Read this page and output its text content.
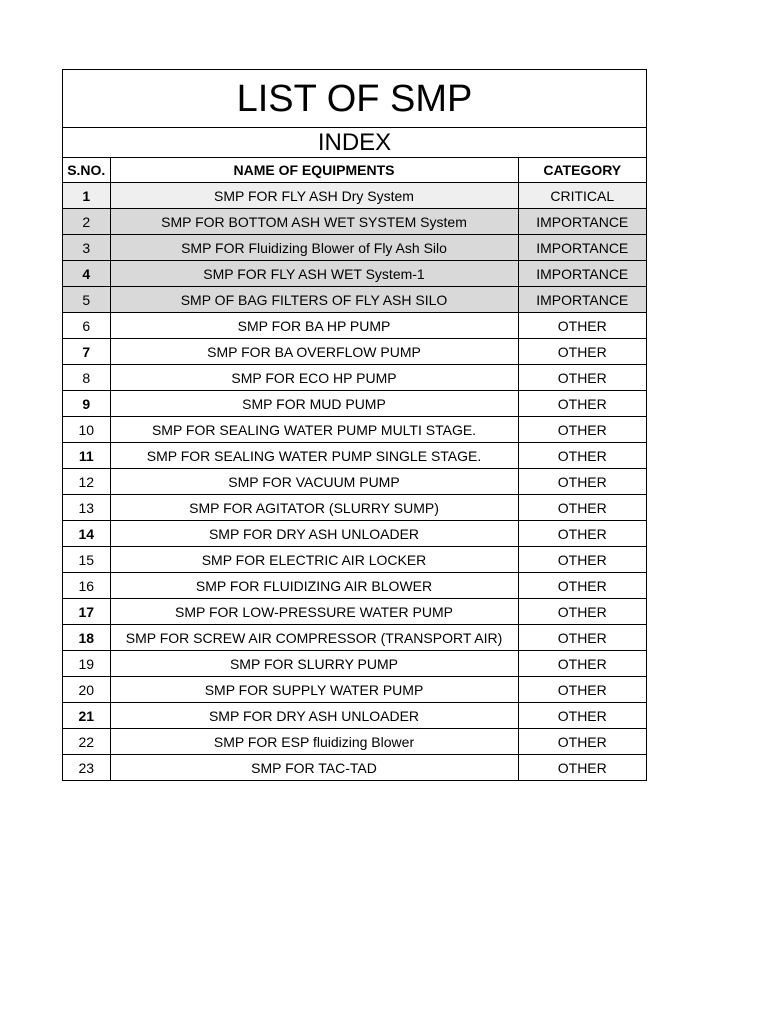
LIST OF SMP
INDEX
S.NO.	NAME OF EQUIPMENTS	CATEGORY
1	SMP FOR FLY ASH Dry System	CRITICAL
2	SMP FOR BOTTOM ASH WET SYSTEM System	IMPORTANCE
3	SMP FOR Fluidizing Blower of Fly Ash Silo	IMPORTANCE
4	SMP FOR FLY ASH WET System-1	IMPORTANCE
5	SMP OF BAG FILTERS OF FLY ASH SILO	IMPORTANCE
6	SMP FOR BA HP PUMP	OTHER
7	SMP FOR BA OVERFLOW PUMP	OTHER
8	SMP FOR ECO HP PUMP	OTHER
9	SMP FOR MUD PUMP	OTHER
10	SMP FOR SEALING WATER PUMP MULTI STAGE.	OTHER
11	SMP FOR SEALING WATER PUMP SINGLE STAGE.	OTHER
12	SMP FOR VACUUM PUMP	OTHER
13	SMP FOR AGITATOR (SLURRY SUMP)	OTHER
14	SMP FOR DRY ASH UNLOADER	OTHER
15	SMP FOR ELECTRIC AIR LOCKER	OTHER
16	SMP FOR FLUIDIZING AIR BLOWER	OTHER
17	SMP FOR LOW-PRESSURE WATER PUMP	OTHER
18	SMP FOR SCREW AIR COMPRESSOR (TRANSPORT AIR)	OTHER
19	SMP FOR SLURRY PUMP	OTHER
20	SMP FOR SUPPLY WATER PUMP	OTHER
21	SMP FOR DRY ASH UNLOADER	OTHER
22	SMP FOR ESP fluidizing Blower	OTHER
23	SMP FOR TAC-TAD	OTHER
